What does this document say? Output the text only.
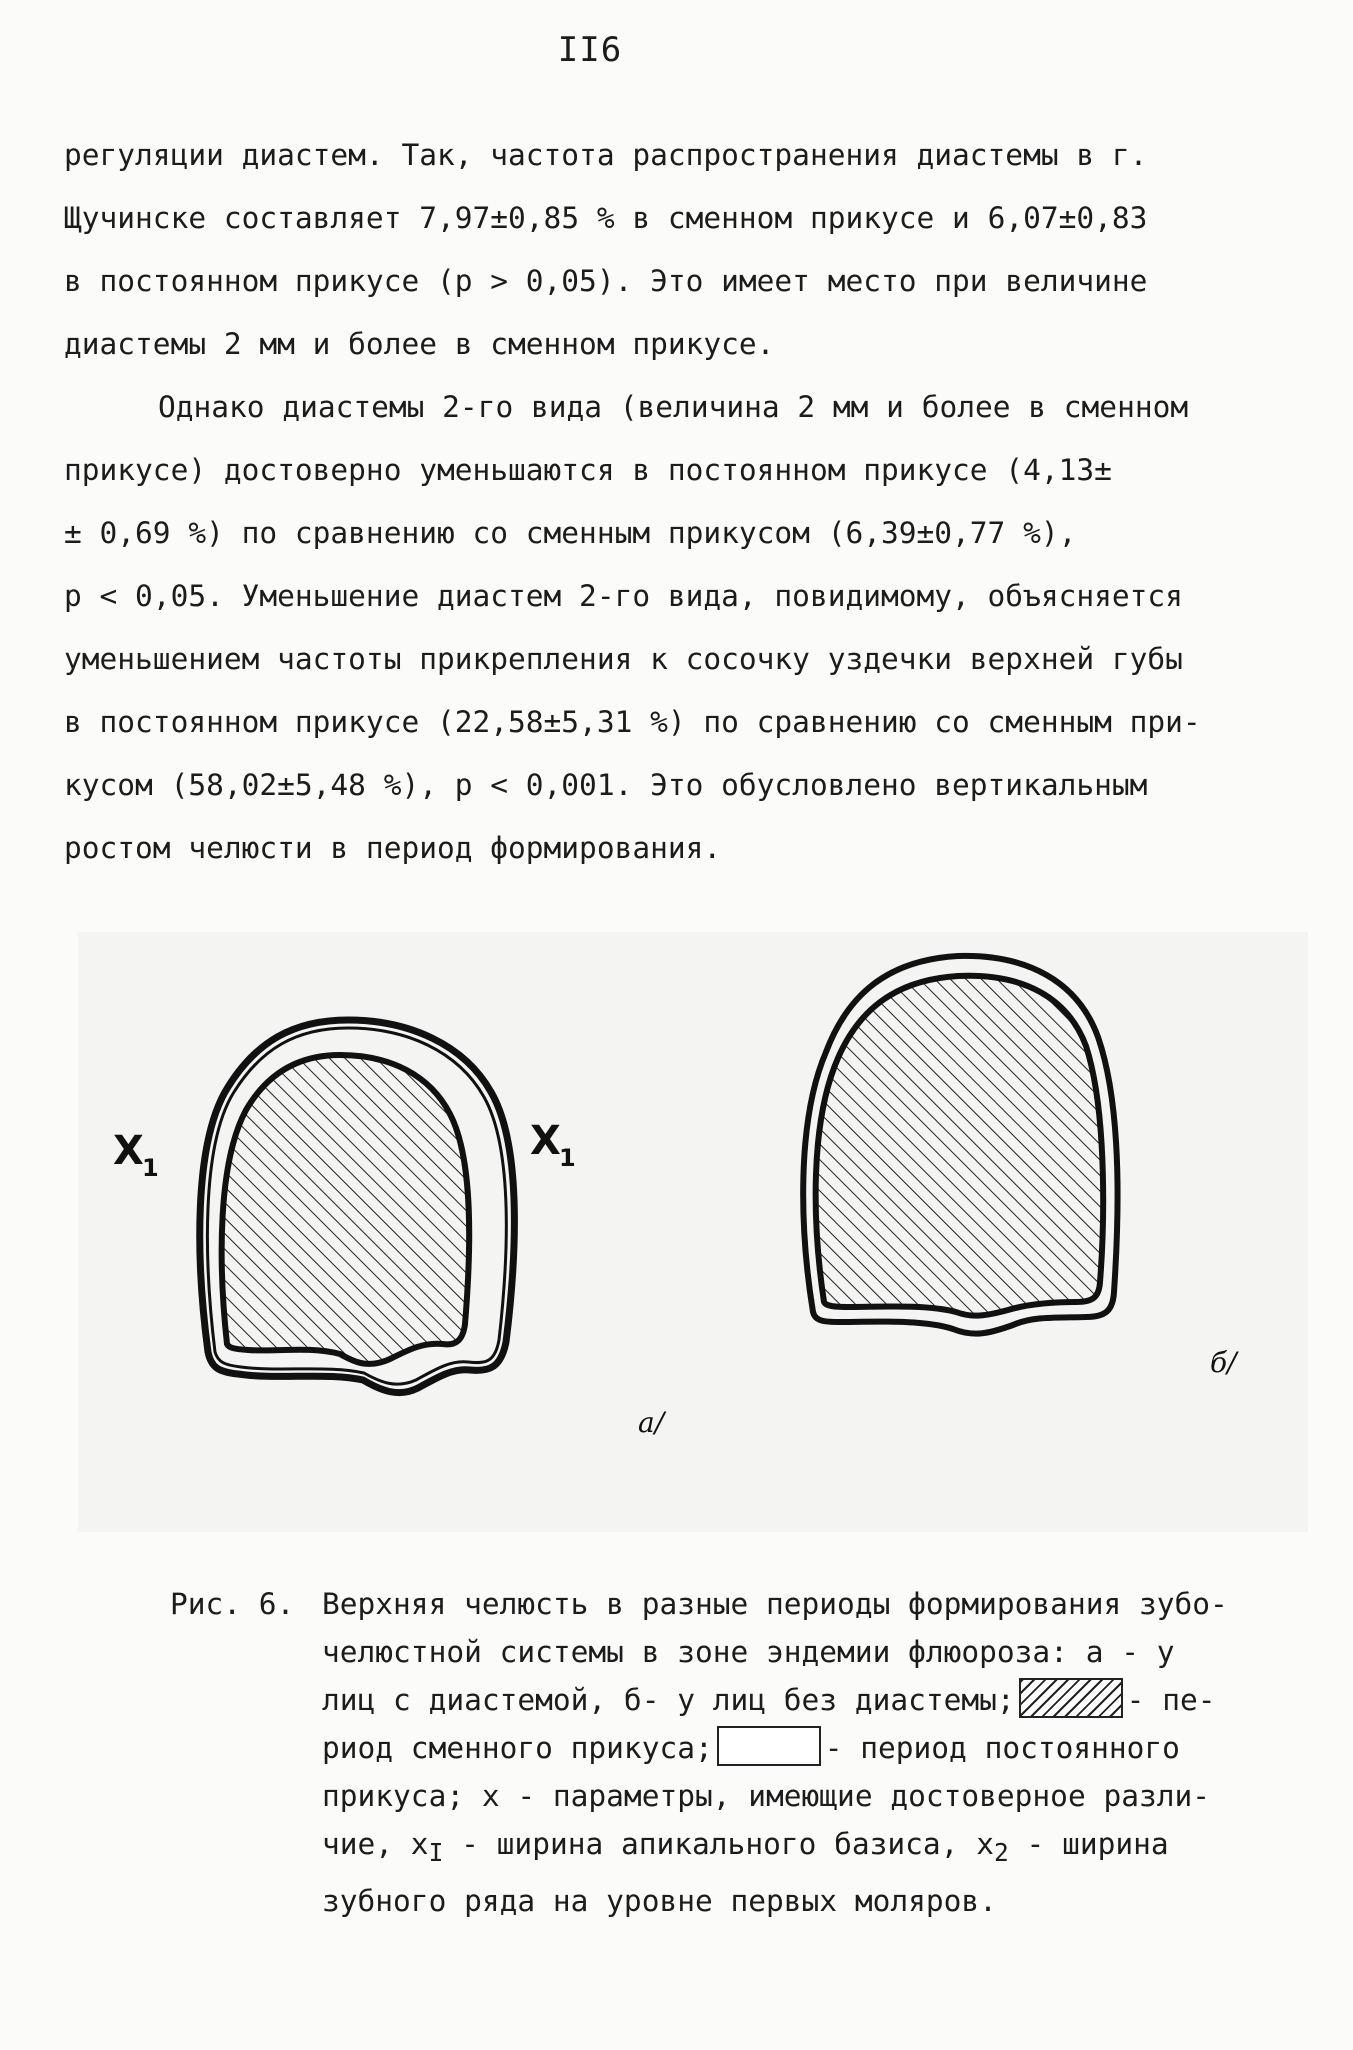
II6
регуляции диастем. Так, частота распространения диастемы в г.
Щучинске составляет 7,97±0,85 % в сменном прикусе и 6,07±0,83
в постоянном прикусе (р > 0,05). Это имеет место при величине
диастемы 2 мм и более в сменном прикусе.
Однако диастемы 2-го вида (величина 2 мм и более в сменном
прикусе) достоверно уменьшаются в постоянном прикусе (4,13±
± 0,69 %) по сравнению со сменным прикусом (6,39±0,77 %),
р < 0,05. Уменьшение диастем 2-го вида, повидимому, объясняется
уменьшением частоты прикрепления к сосочку уздечки верхней губы
в постоянном прикусе (22,58±5,31 %) по сравнению со сменным при-
кусом (58,02±5,48 %), р < 0,001. Это обусловлено вертикальным
ростом челюсти в период формирования.
X
1
X
1
а/
б/
Рис. 6. Верхняя челюсть в разные периоды формирования зубо-
челюстной системы в зоне эндемии флюороза: а - у
лиц с диастемой, б- у лиц без диастемы;	- пе-
риод сменного прикуса;	- период постоянного
прикуса; х - параметры, имеющие достоверное разли-
чие, $х_I$ - ширина апикального базиса, $х_2$ - ширина
зубного ряда на уровне первых моляров.
